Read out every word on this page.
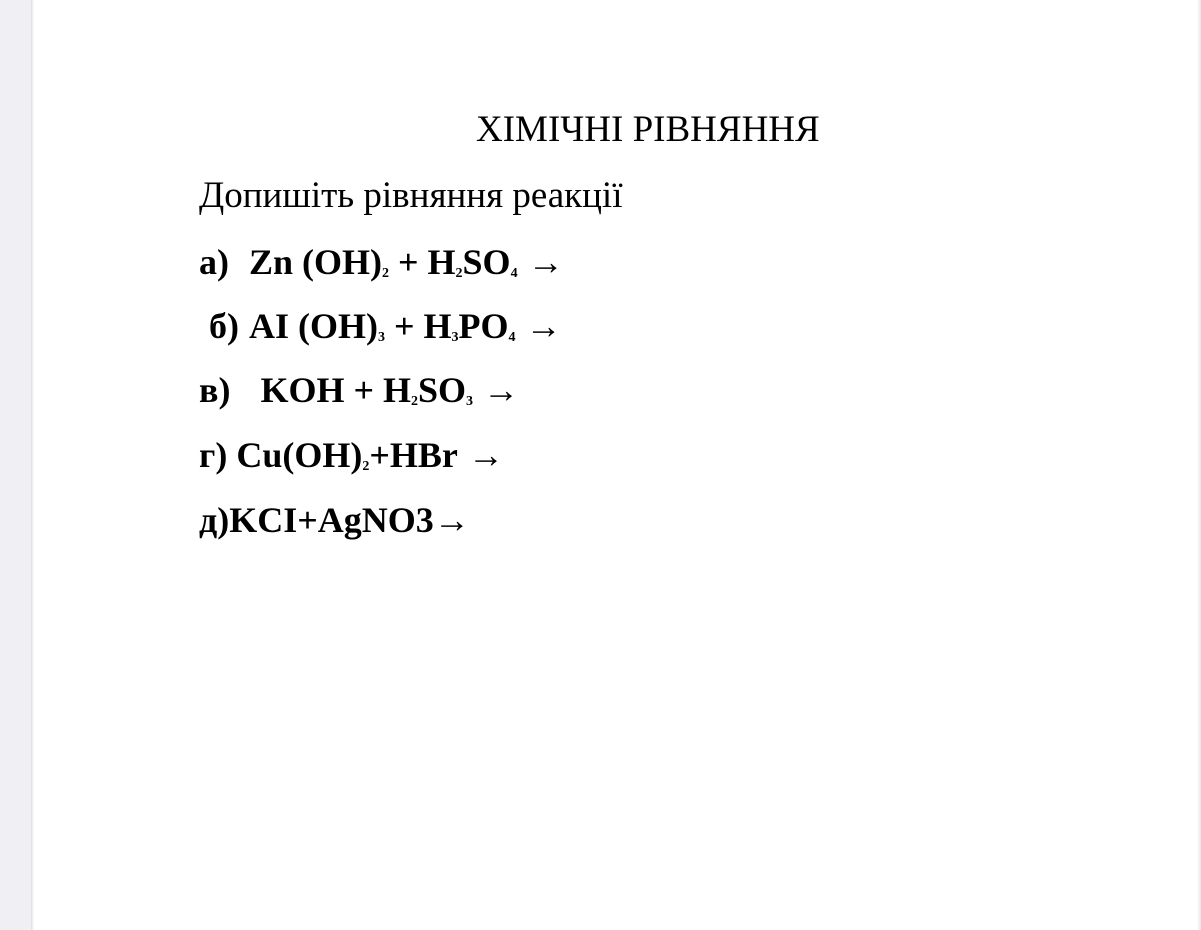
ХІМІЧНІ РІВНЯННЯ
Допишіть рівняння реакції
а) Zn $(OH)_2 + H_2SO_4$ →
б) AI $(OH)_3 + H_3PO_4$ →
в) KOH + $H_2SO_3$ →
г) $Cu(OH)_2+HBr$ →
д)KCI+AgNO3→
